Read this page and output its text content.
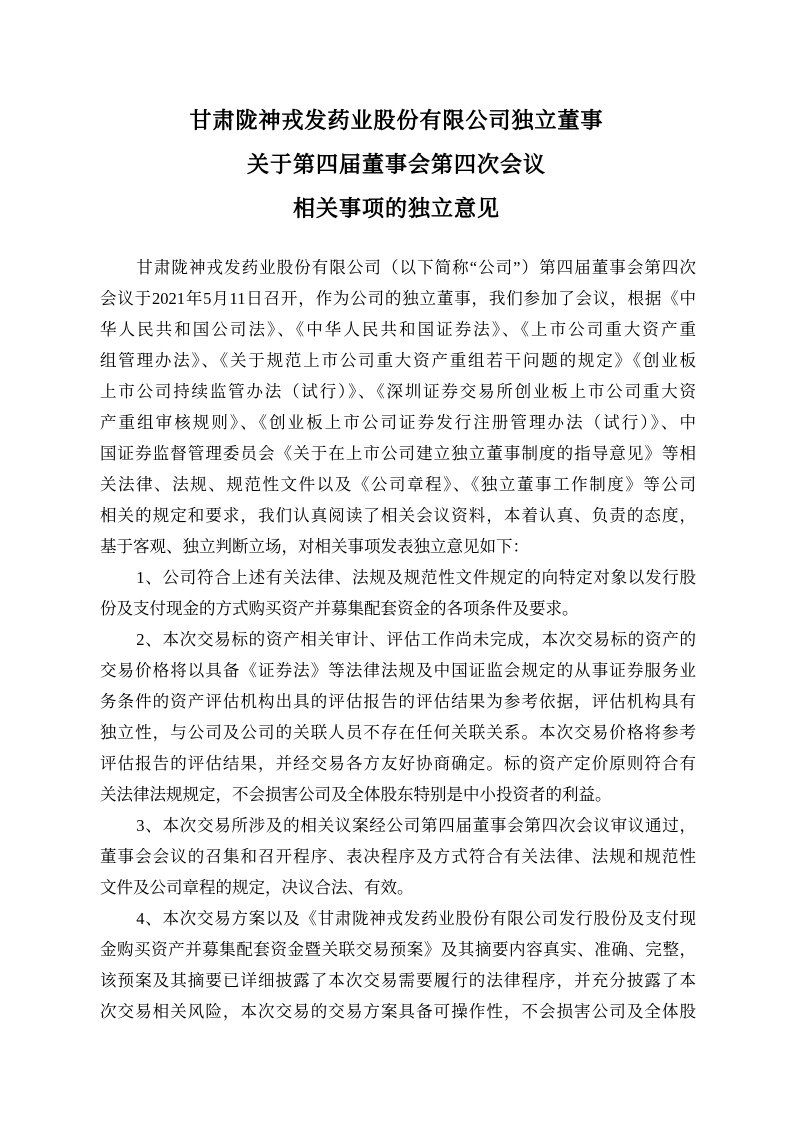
甘肃陇神戎发药业股份有限公司独立董事
关于第四届董事会第四次会议
相关事项的独立意见
甘肃陇神戎发药业股份有限公司（以下简称“公司”）第四届董事会第四次
会议于2021年5月11日召开，作为公司的独立董事，我们参加了会议，根据《中
华人民共和国公司法》、《中华人民共和国证券法》、《上市公司重大资产重
组管理办法》、《关于规范上市公司重大资产重组若干问题的规定》《创业板
上市公司持续监管办法（试行）》、《深圳证券交易所创业板上市公司重大资
产重组审核规则》、《创业板上市公司证券发行注册管理办法（试行）》、中
国证券监督管理委员会《关于在上市公司建立独立董事制度的指导意见》等相
关法律、法规、规范性文件以及《公司章程》、《独立董事工作制度》等公司
相关的规定和要求，我们认真阅读了相关会议资料，本着认真、负责的态度，
基于客观、独立判断立场，对相关事项发表独立意见如下：
1、公司符合上述有关法律、法规及规范性文件规定的向特定对象以发行股
份及支付现金的方式购买资产并募集配套资金的各项条件及要求。
2、本次交易标的资产相关审计、评估工作尚未完成，本次交易标的资产的
交易价格将以具备《证券法》等法律法规及中国证监会规定的从事证券服务业
务条件的资产评估机构出具的评估报告的评估结果为参考依据，评估机构具有
独立性，与公司及公司的关联人员不存在任何关联关系。本次交易价格将参考
评估报告的评估结果，并经交易各方友好协商确定。标的资产定价原则符合有
关法律法规规定，不会损害公司及全体股东特别是中小投资者的利益。
3、本次交易所涉及的相关议案经公司第四届董事会第四次会议审议通过，
董事会会议的召集和召开程序、表决程序及方式符合有关法律、法规和规范性
文件及公司章程的规定，决议合法、有效。
4、本次交易方案以及《甘肃陇神戎发药业股份有限公司发行股份及支付现
金购买资产并募集配套资金暨关联交易预案》及其摘要内容真实、准确、完整，
该预案及其摘要已详细披露了本次交易需要履行的法律程序，并充分披露了本
次交易相关风险，本次交易的交易方案具备可操作性，不会损害公司及全体股
